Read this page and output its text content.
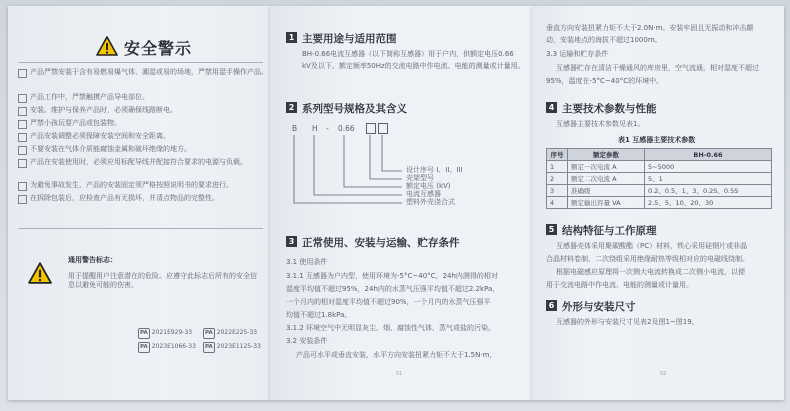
安全警示
产品严禁安装于含有易燃易爆气体、潮湿或易的场地，严禁用湿手操作产品。
产品工作中，严禁触摸产品导电部位。
安装、维护与保养产品时，必须确保线路断电。
严禁小孩玩耍产品或包装物。
产品安装调整必须保障安装空间和安全距离。
不要安装在气体介质能腐蚀金属和破坏绝缘的地方。
产品在安装使用时，必须应用标配导线并配接符合要求的电源与负载。
为避免事故发生，产品的安装固定须严格按照说明书的要求进行。
在拆除包装后，应检查产品有无损坏，并清点物品的完整性。
通用警告标志：
用于提醒用户注意潜在的危险。应遵守此标志后所有的安全信息以避免可能的伤害。
PA 2021E929-33	PA 2022E225-33
PA 2023E1066-33	PA 2023E1125-33
1 主要用途与适用范围
BH-0.66电流互感器（以下简称互感器）用于户内，供额定电压0.66
kV及以下、额定频率50Hz的交流电路中作电流、电能的测量或计量用。
2 系列型号规格及其含义
B H - 0.66
设计序号 I、II、III
壳架型号
额定电压 (kV)
电流互感器
塑料外壳浇合式
3 正常使用、安装与运输、贮存条件
3.1 使用条件
3.1.1 互感器为户内型，使用环境为-5°C~40°C，24h内测得的相对
湿度平均值不超过95%，24h内的水蒸气压强平均值不超过2.2kPa，
一个月内的相对湿度平均值不超过90%，一个月内的水蒸气压强平
均值不超过1.8kPa。
3.1.2 环境空气中无明显灰尘、烟、腐蚀性气体、蒸气或盐的污染。
3.2 安装条件
产品可水平或垂直安装，水平方向安装扭紧力矩不大于1.5N·m，
01
垂直方向安装扭紧力矩不大于2.0N·m。安装牢固且无振动和冲击颠
动，安装地点的海拔不超过1000m。
3.3 运输和贮存条件
互感器贮存在清洁干燥通风的库房里，空气流通，相对湿度不超过
95%，温度在-5°C~40°C的环境中。
4 主要技术参数与性能
互感器主要技术参数见表1。
表1 互感器主要技术参数
序号	额定参数	BH-0.66
1	额定一次电流 A	5~5000
2	额定二次电流 A	5、1
3	准确级	0.2、0.5、1、3、0.2S、0.5S
4	额定输出容量 VA	2.5、5、10、20、30
5 结构特征与工作原理
互感器壳体采用聚碳酸酯（PC）材料，铁心采用硅钢片或非晶
合晶材料卷制，二次绕组采用绝缘耐热等级相对应的电磁线绕制。
根据电磁感应原理将一次侧大电流转换成二次侧小电流，以便
用于交流电路中作电流、电能的测量或计量用。
6 外形与安装尺寸
互感器的外形与安装尺寸见表2及图1~图19。
02
